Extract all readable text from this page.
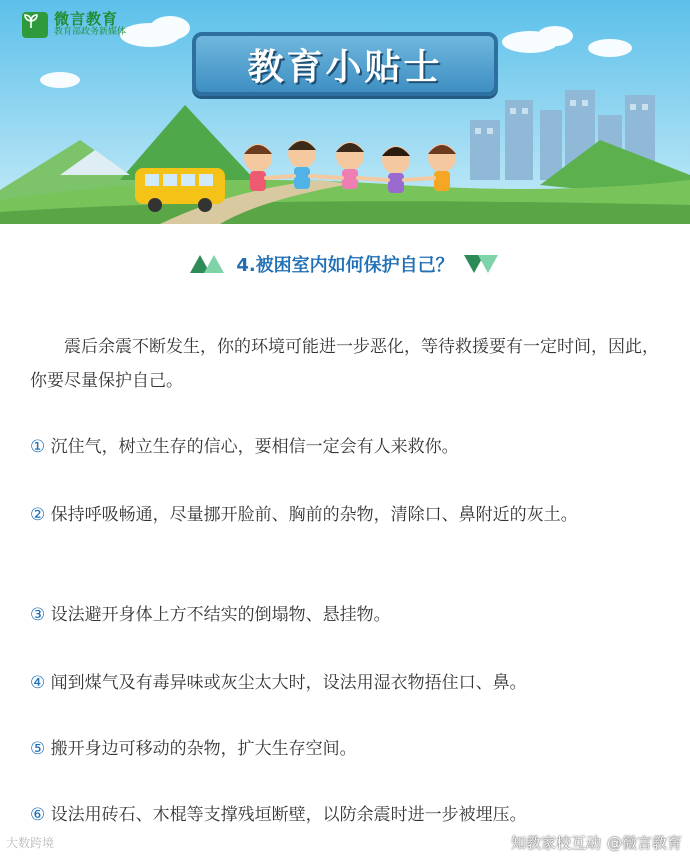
微言教育
教育部政务新媒体
教育小贴士
4.被困室内如何保护自己？

震后余震不断发生，你的环境可能进一步恶化，等待救援要有一定时间，因此，你要尽量保护自己。

① 沉住气，树立生存的信心，要相信一定会有人来救你。

② 保持呼吸畅通，尽量挪开脸前、胸前的杂物，清除口、鼻附近的灰土。

③ 设法避开身体上方不结实的倒塌物、悬挂物。

④ 闻到煤气及有毒异味或灰尘太大时，设法用湿衣物捂住口、鼻。

⑤ 搬开身边可移动的杂物，扩大生存空间。

⑥ 设法用砖石、木棍等支撑残垣断壁，以防余震时进一步被埋压。

大数跨境	知教家校互动 @微言教育
